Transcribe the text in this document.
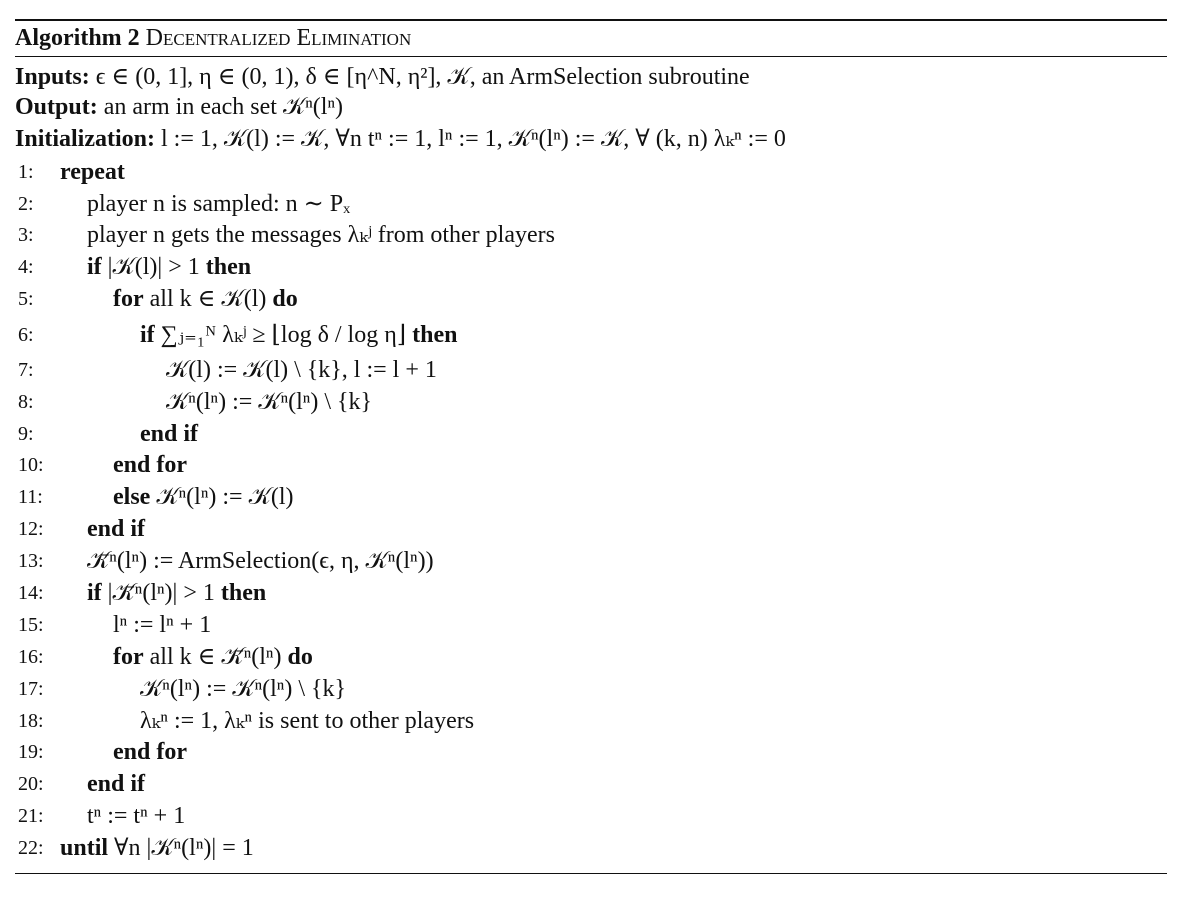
Algorithm 2 Decentralized Elimination
Inputs: ϵ ∈ (0, 1], η ∈ (0, 1), δ ∈ [η^N, η²], 𝒦, an ArmSelection subroutine
Output: an arm in each set 𝒦ⁿ(lⁿ)
Initialization: l := 1, 𝒦(l) := 𝒦, ∀n tⁿ := 1, lⁿ := 1, 𝒦ⁿ(lⁿ) := 𝒦, ∀ (k, n) λₖⁿ := 0
1:	repeat
2:	player n is sampled: n ∼ Pₓ
3:	player n gets the messages λₖʲ from other players
4:	if |𝒦(l)| > 1 then
5:	for all k ∈ 𝒦(l) do
6:	if ∑ⱼ₌₁ᴺ λₖʲ ≥ ⌊log δ / log η⌋ then
7:	𝒦(l) := 𝒦(l) \ {k}, l := l + 1
8:	𝒦ⁿ(lⁿ) := 𝒦ⁿ(lⁿ) \ {k}
9:	end if
10:	end for
11:	else 𝒦ⁿ(lⁿ) := 𝒦(l)
12:	end if
13:	𝒦̄ⁿ(lⁿ) := ArmSelection(ϵ, η, 𝒦ⁿ(lⁿ))
14:	if |𝒦̄ⁿ(lⁿ)| > 1 then
15:	lⁿ := lⁿ + 1
16:	for all k ∈ 𝒦̄ⁿ(lⁿ) do
17:	𝒦ⁿ(lⁿ) := 𝒦ⁿ(lⁿ) \ {k}
18:	λₖⁿ := 1, λₖⁿ is sent to other players
19:	end for
20:	end if
21:	tⁿ := tⁿ + 1
22: until ∀n |𝒦ⁿ(lⁿ)| = 1
